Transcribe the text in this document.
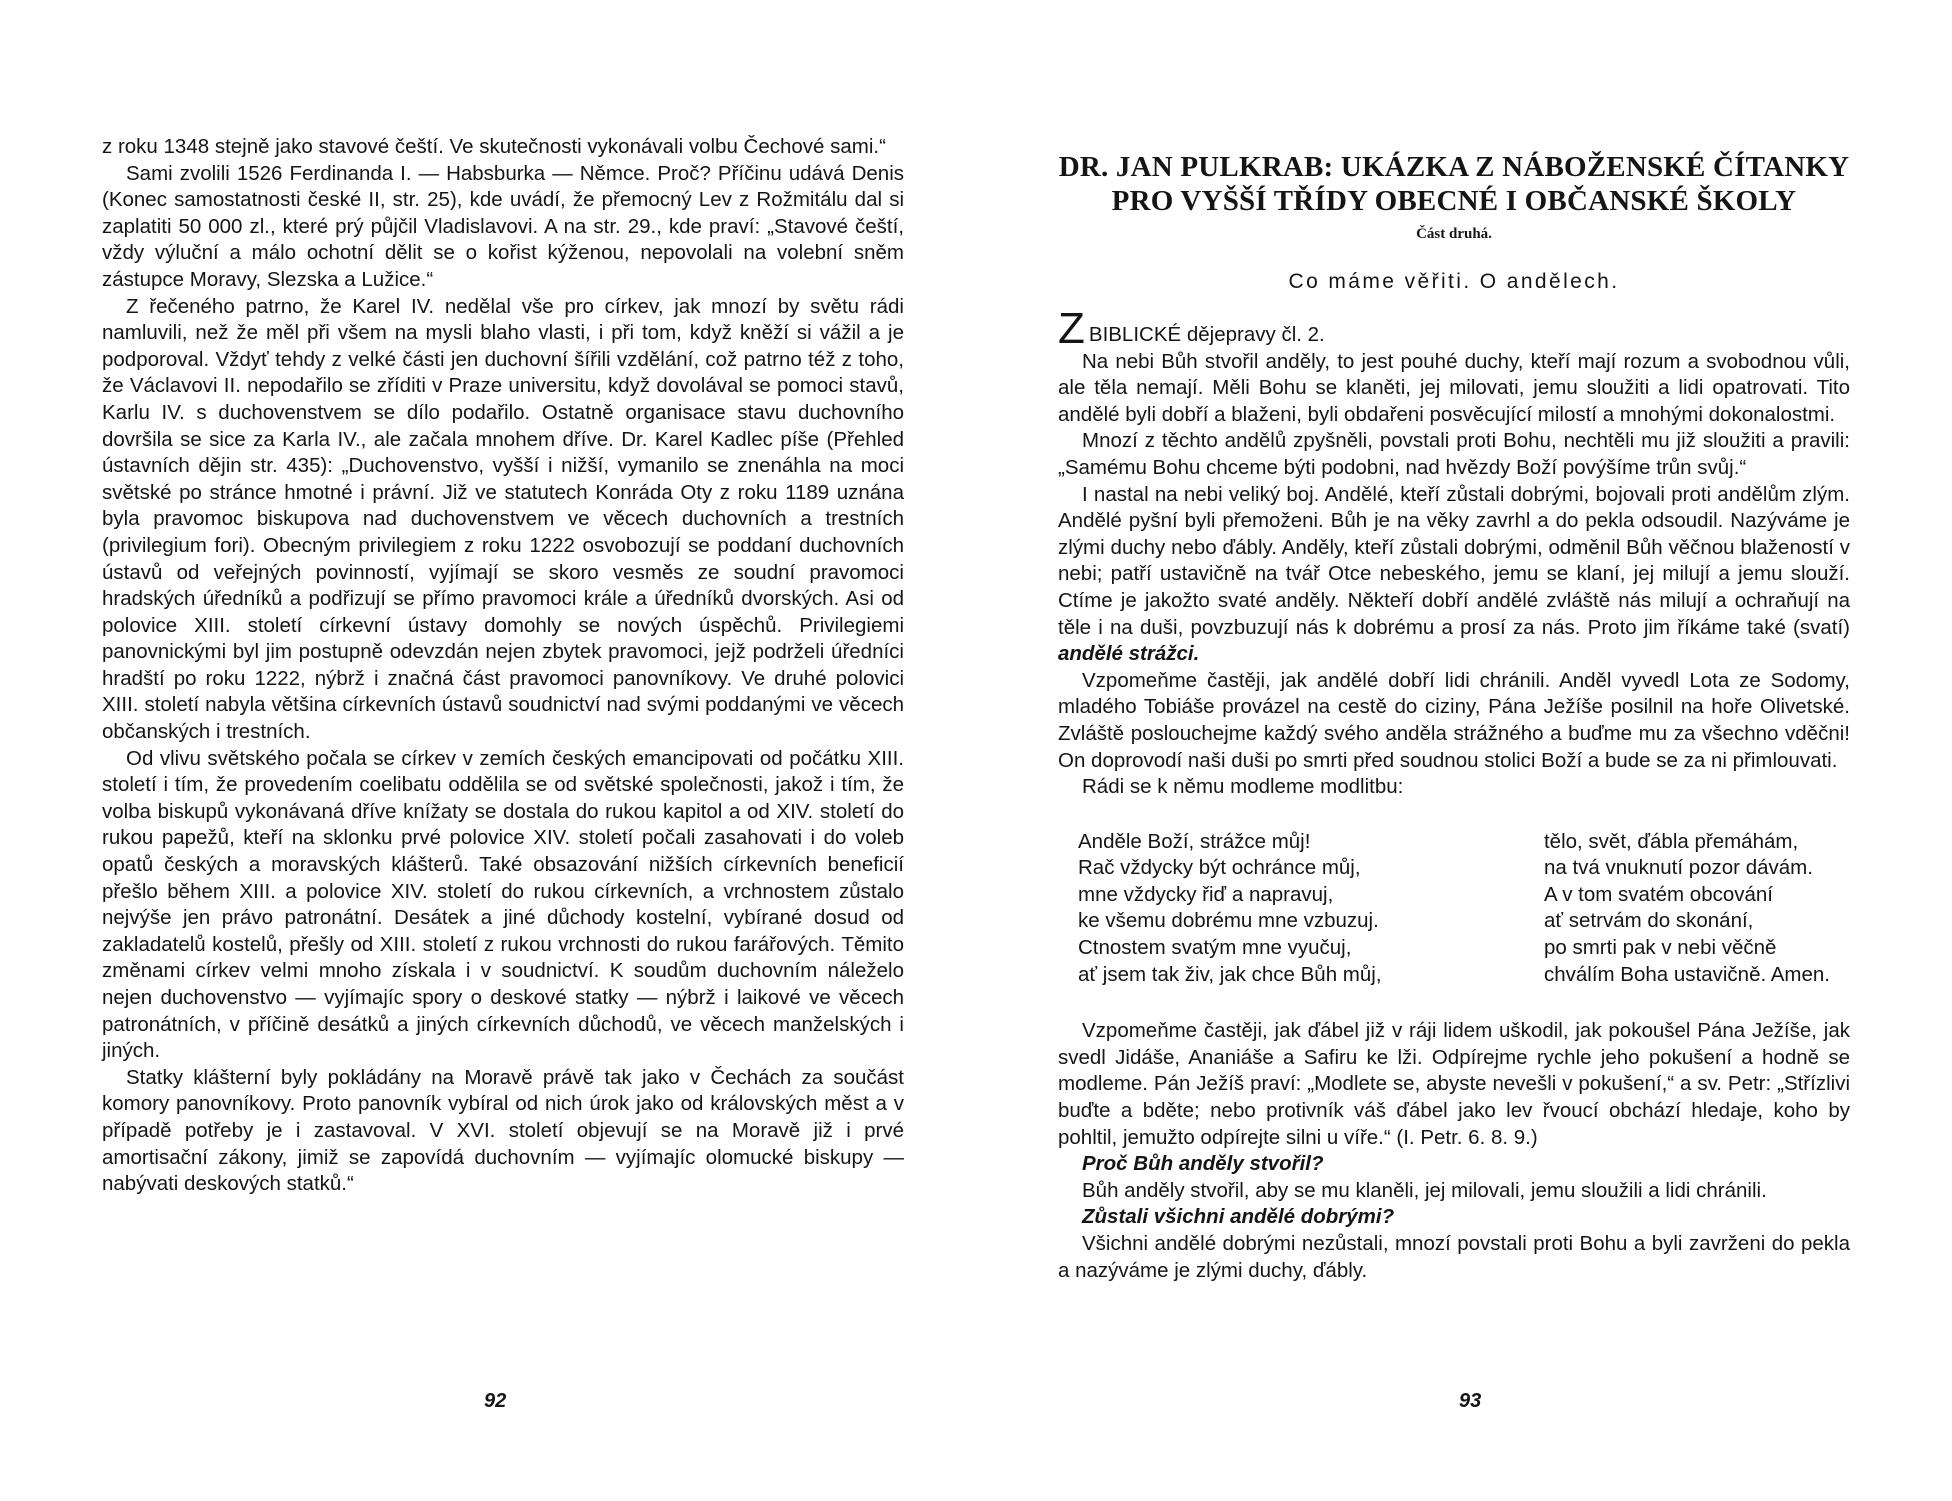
z roku 1348 stejně jako stavové čeští. Ve skutečnosti vykonávali volbu Čechové sami.“

Sami zvolili 1526 Ferdinanda I. — Habsburka — Němce. Proč? Příčinu udává Denis (Konec samostatnosti české II, str. 25), kde uvádí, že přemocný Lev z Rožmitálu dal si zaplatiti 50 000 zl., které prý půjčil Vladislavovi. A na str. 29., kde praví: „Stavové čeští, vždy výluční a málo ochotní dělit se o kořist kýženou, nepovolali na volební sněm zástupce Moravy, Slezska a Lužice.“

Z řečeného patrno, že Karel IV. nedělal vše pro církev, jak mnozí by světu rádi namluvili, než že měl při všem na mysli blaho vlasti, i při tom, když kněží si vážil a je podporoval. Vždyť tehdy z velké části jen duchovní šířili vzdělání, což patrno též z toho, že Václavovi II. nepodařilo se zříditi v Praze universitu, když dovolával se pomoci stavů, Karlu IV. s duchovenstvem se dílo podařilo. Ostatně organisace stavu duchovního dovršila se sice za Karla IV., ale začala mnohem dříve. Dr. Karel Kadlec píše (Přehled ústavních dějin str. 435): „Duchovenstvo, vyšší i nižší, vymanilo se znenáhla na moci světské po stránce hmotné i právní. Již ve statutech Konráda Oty z roku 1189 uznána byla pravomoc biskupova nad duchovenstvem ve věcech duchovních a trestních (privilegium fori). Obecným privilegiem z roku 1222 osvobozují se poddaní duchovních ústavů od veřejných povinností, vyjímají se skoro vesměs ze soudní pravomoci hradských úředníků a podřizují se přímo pravomoci krále a úředníků dvorských. Asi od polovice XIII. století církevní ústavy domohly se nových úspěchů. Privilegiemi panovnickými byl jim postupně odevzdán nejen zbytek pravomoci, jejž podrželi úředníci hradští po roku 1222, nýbrž i značná část pravomoci panovníkovy. Ve druhé polovici XIII. století nabyla většina církevních ústavů soudnictví nad svými poddanými ve věcech občanských i trestních.

Od vlivu světského počala se církev v zemích českých emancipovati od počátku XIII. století i tím, že provedením coelibatu oddělila se od světské společnosti, jakož i tím, že volba biskupů vykonávaná dříve knížaty se dostala do rukou kapitol a od XIV. století do rukou papežů, kteří na sklonku prvé polovice XIV. století počali zasahovati i do voleb opatů českých a moravských klášterů. Také obsazování nižších církevních beneficií přešlo během XIII. a polovice XIV. století do rukou církevních, a vrchnostem zůstalo nejvýše jen právo patronátní. Desátek a jiné důchody kostelní, vybírané dosud od zakladatelů kostelů, přešly od XIII. století z rukou vrchnosti do rukou farářových. Těmito změnami církev velmi mnoho získala i v soudnictví. K soudům duchovním náleželo nejen duchovenstvo — vyjímajíc spory o deskové statky — nýbrž i laikové ve věcech patronátních, v příčině desátků a jiných církevních důchodů, ve věcech manželských i jiných.

Statky klášterní byly pokládány na Moravě právě tak jako v Čechách za součást komory panovníkovy. Proto panovník vybíral od nich úrok jako od královských měst a v případě potřeby je i zastavoval. V XVI. století objevují se na Moravě již i prvé amortisační zákony, jimiž se zapovídá duchovním — vyjímajíc olomucké biskupy — nabývati deskových statků.“

92
DR. JAN PULKRAB: UKÁZKA Z NÁBOŽENSKÉ ČÍTANKY PRO VYŠŠÍ TŘÍDY OBECNÉ I OBČANSKÉ ŠKOLY
Část druhá.
Co máme věřiti. O andělech.

ZBIBLICKÉ dějepravy čl. 2.

Na nebi Bůh stvořil anděly, to jest pouhé duchy, kteří mají rozum a svobodnou vůli, ale těla nemají. Měli Bohu se klaněti, jej milovati, jemu sloužiti a lidi opatrovati. Tito andělé byli dobří a blaženi, byli obdařeni posvěcující milostí a mnohými dokonalostmi.

Mnozí z těchto andělů zpyšněli, povstali proti Bohu, nechtěli mu již sloužiti a pravili: „Samému Bohu chceme býti podobni, nad hvězdy Boží povýšíme trůn svůj.“

I nastal na nebi veliký boj. Andělé, kteří zůstali dobrými, bojovali proti andělům zlým. Andělé pyšní byli přemoženi. Bůh je na věky zavrhl a do pekla odsoudil. Nazýváme je zlými duchy nebo ďábly. Anděly, kteří zůstali dobrými, odměnil Bůh věčnou blažeností v nebi; patří ustavičně na tvář Otce nebeského, jemu se klaní, jej milují a jemu slouží. Ctíme je jakožto svaté anděly. Někteří dobří andělé zvláště nás milují a ochraňují na těle i na duši, povzbuzují nás k dobrému a prosí za nás. Proto jim říkáme také (svatí) andělé strážci.

Vzpomeňme častěji, jak andělé dobří lidi chránili. Anděl vyvedl Lota ze Sodomy, mladého Tobiáše provázel na cestě do ciziny, Pána Ježíše posilnil na hoře Olivetské. Zvláště poslouchejme každý svého anděla strážného a buďme mu za všechno vděčni! On doprovodí naši duši po smrti před soudnou stolici Boží a bude se za ni přimlouvati.

Rádi se k němu modleme modlitbu:

Anděle Boží, strážce můj!
Rač vždycky být ochránce můj,
mne vždycky řiď a napravuj,
ke všemu dobrému mne vzbuzuj.
Ctnostem svatým mne vyučuj,
ať jsem tak živ, jak chce Bůh můj,
tělo, svět, ďábla přemáhám,
na tvá vnuknutí pozor dávám.
A v tom svatém obcování
ať setrvám do skonání,
po smrti pak v nebi věčně
chválím Boha ustavičně. Amen.

Vzpomeňme častěji, jak ďábel již v ráji lidem uškodil, jak pokoušel Pána Ježíše, jak svedl Jidáše, Ananiáše a Safiru ke lži. Odpírejme rychle jeho pokušení a hodně se modleme. Pán Ježíš praví: „Modlete se, abyste nevešli v pokušení,“ a sv. Petr: „Střízlivi buďte a bděte; nebo protivník váš ďábel jako lev řvoucí obchází hledaje, koho by pohltil, jemužto odpírejte silni u víře.“ (I. Petr. 6. 8. 9.)

Proč Bůh anděly stvořil?

Bůh anděly stvořil, aby se mu klaněli, jej milovali, jemu sloužili a lidi chránili.

Zůstali všichni andělé dobrými?

Všichni andělé dobrými nezůstali, mnozí povstali proti Bohu a byli zavrženi do pekla a nazýváme je zlými duchy, ďábly.

93
